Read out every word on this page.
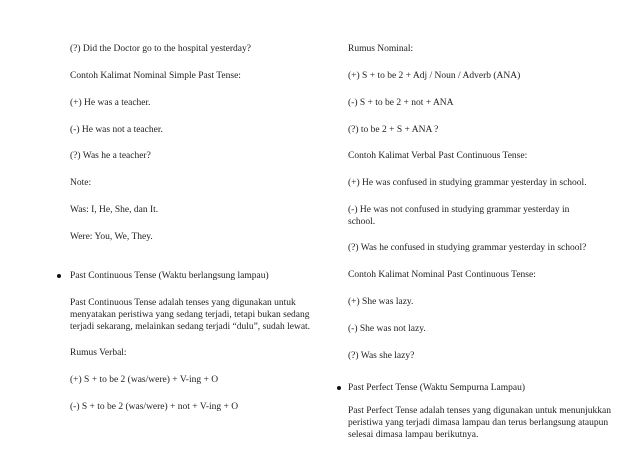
(?) Did the Doctor go to the hospital yesterday?
Contoh Kalimat Nominal Simple Past Tense:
(+) He was a teacher.
(-) He was not a teacher.
(?) Was he a teacher?
Note:
Was: I, He, She, dan It.
Were: You, We, They.
Past Continuous Tense (Waktu berlangsung lampau)
Past Continuous Tense adalah tenses yang digunakan untuk menyatakan peristiwa yang sedang terjadi, tetapi bukan sedang terjadi sekarang, melainkan sedang terjadi “dulu”, sudah lewat.
Rumus Verbal:
(+) S + to be 2 (was/were) + V-ing + O
(-) S + to be 2 (was/were) + not + V-ing + O
Rumus Nominal:
(+) S + to be 2 + Adj / Noun / Adverb (ANA)
(-) S + to be 2 + not + ANA
(?) to be 2 + S + ANA ?
Contoh Kalimat Verbal Past Continuous Tense:
(+) He was confused in studying grammar yesterday in school.
(-) He was not confused in studying grammar yesterday in
school.
(?) Was he confused in studying grammar yesterday in school?
Contoh Kalimat Nominal Past Continuous Tense:
(+) She was lazy.
(-) She was not lazy.
(?) Was she lazy?
Past Perfect Tense (Waktu Sempurna Lampau)
Past Perfect Tense adalah tenses yang digunakan untuk menunjukkan peristiwa yang terjadi dimasa lampau dan terus berlangsung ataupun selesai dimasa lampau berikutnya.
